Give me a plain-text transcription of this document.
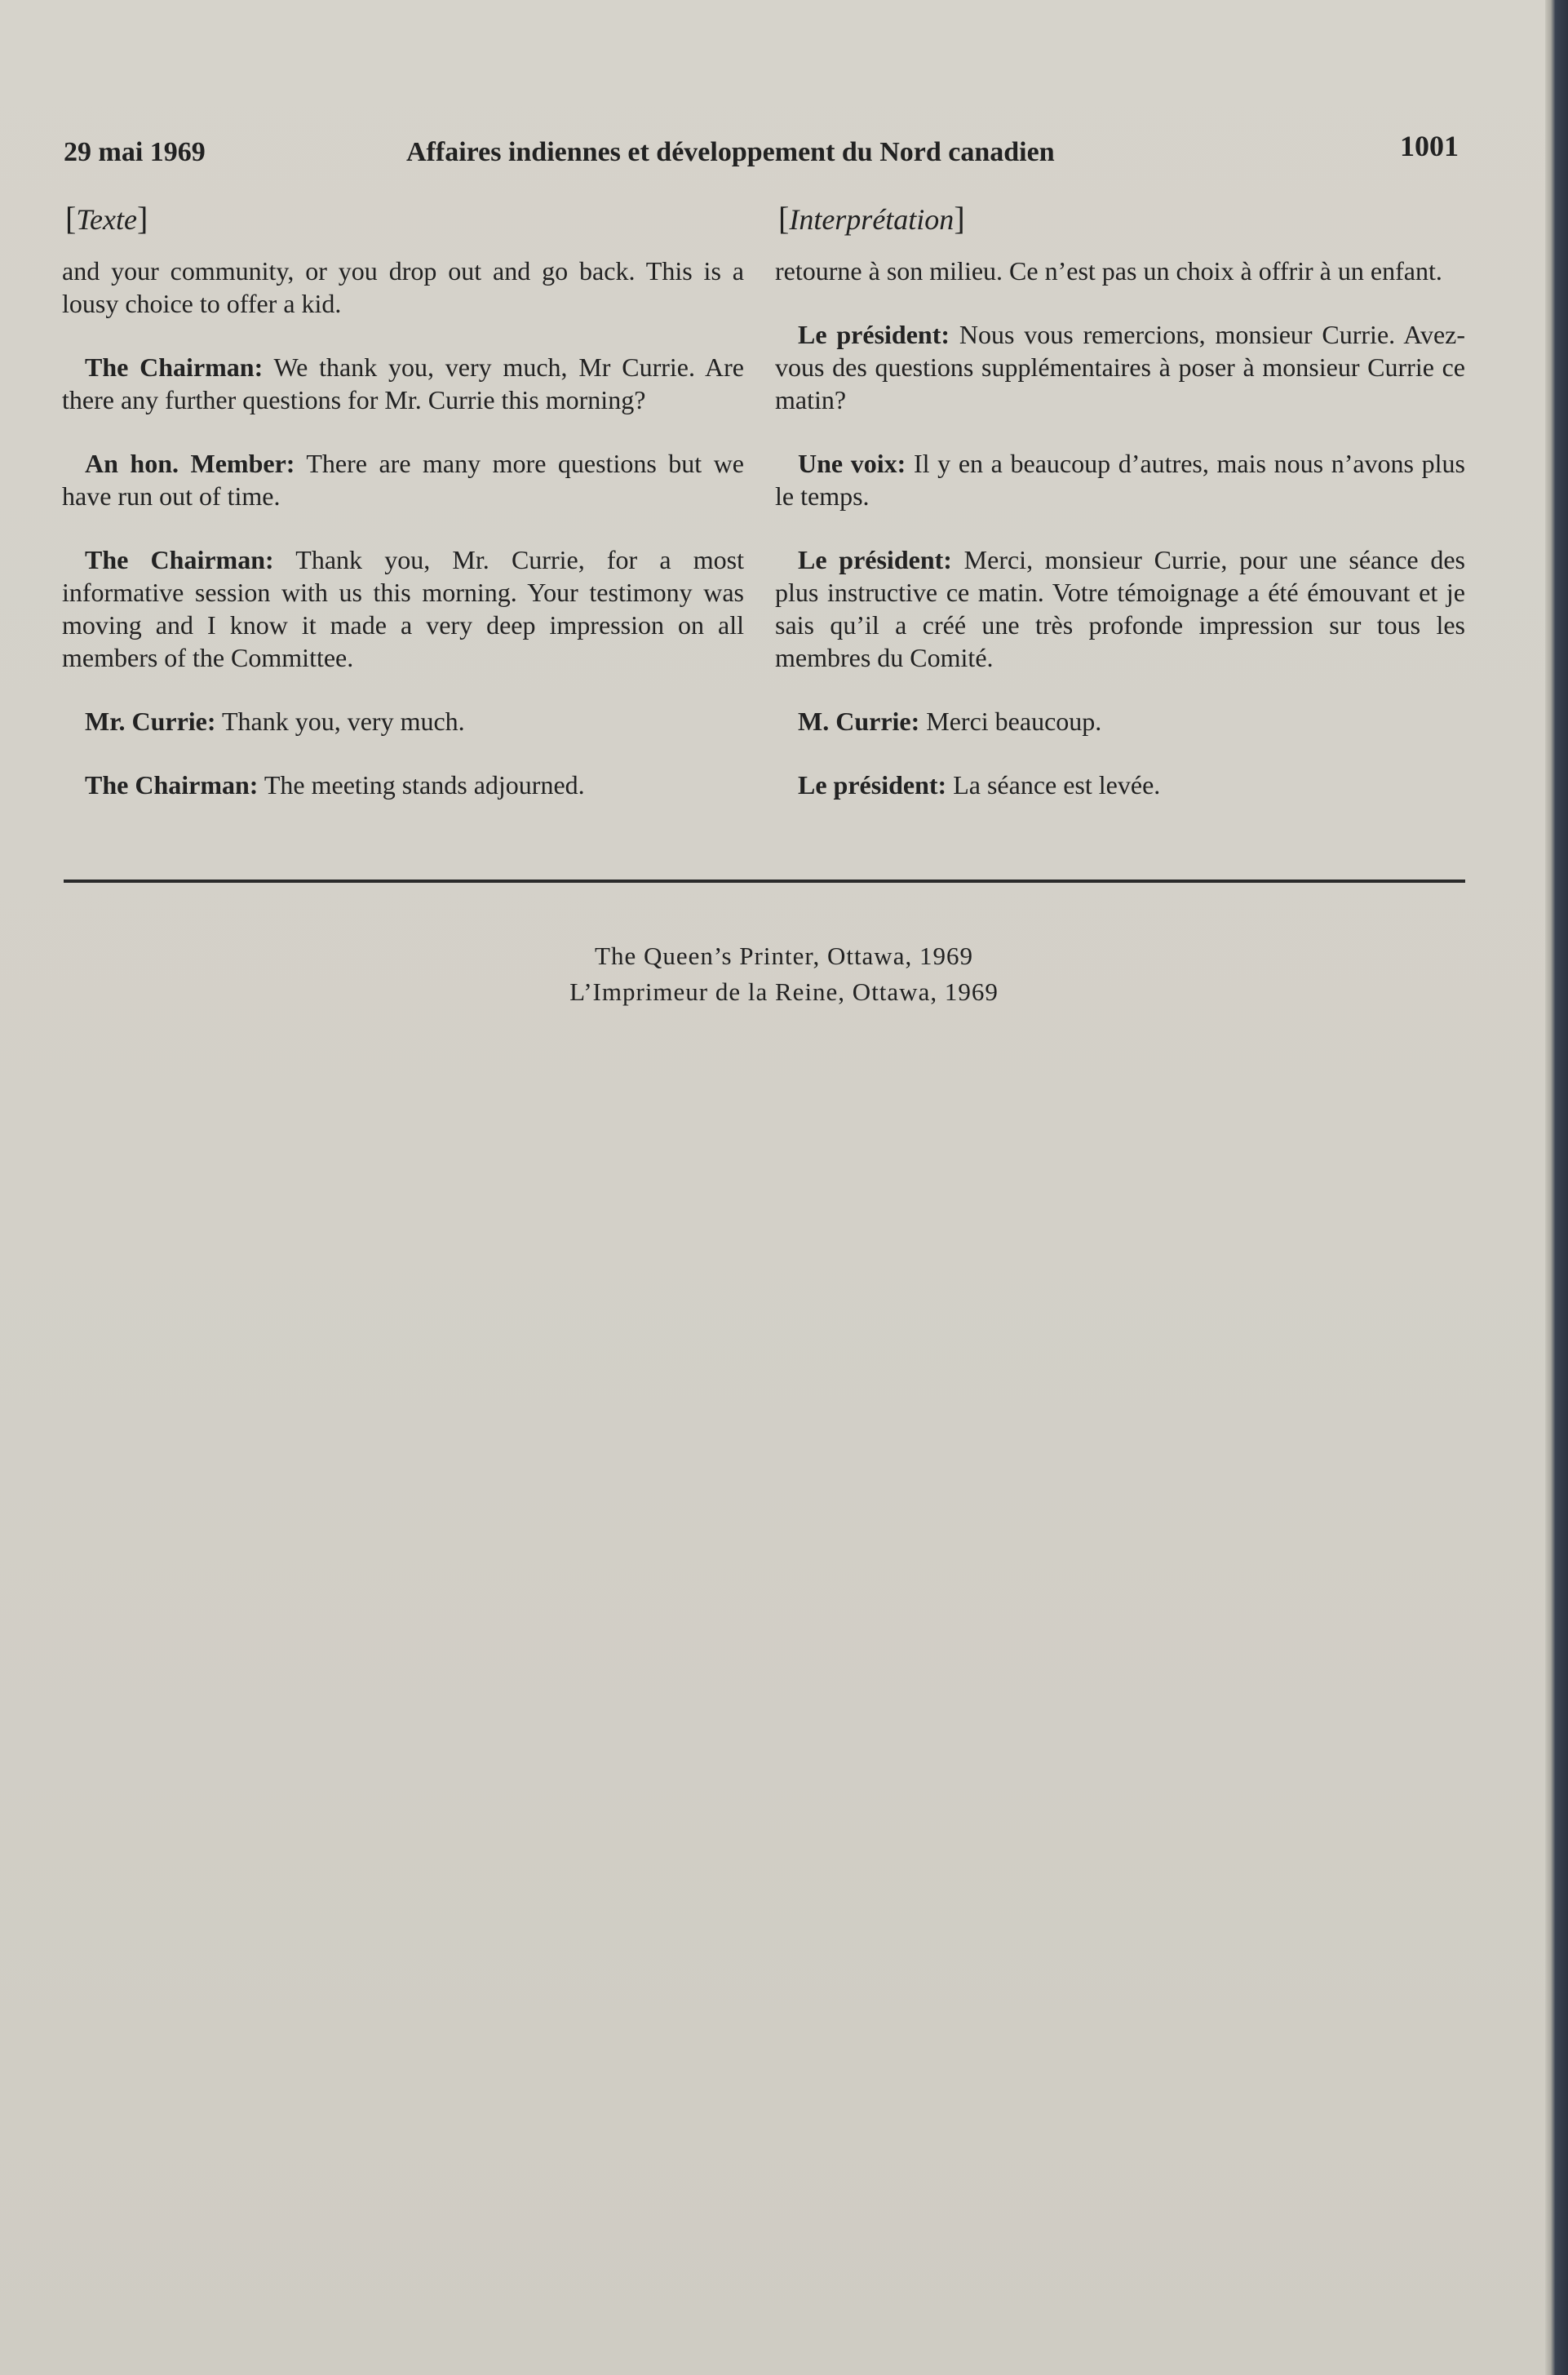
29 mai 1969	Affaires indiennes et développement du Nord canadien	1001
[Texte]

and your community, or you drop out and go back. This is a lousy choice to offer a kid.

The Chairman: We thank you, very much, Mr Currie. Are there any further questions for Mr. Currie this morning?

An hon. Member: There are many more questions but we have run out of time.

The Chairman: Thank you, Mr. Currie, for a most informative session with us this morning. Your testimony was moving and I know it made a very deep impression on all members of the Committee.

Mr. Currie: Thank you, very much.

The Chairman: The meeting stands adjourned.

[Interprétation]

retourne à son milieu. Ce n’est pas un choix à offrir à un enfant.

Le président: Nous vous remercions, monsieur Currie. Avez-vous des questions supplémentaires à poser à monsieur Currie ce matin?

Une voix: Il y en a beaucoup d’autres, mais nous n’avons plus le temps.

Le président: Merci, monsieur Currie, pour une séance des plus instructive ce matin. Votre témoignage a été émouvant et je sais qu’il a créé une très profonde impression sur tous les membres du Comité.

M. Currie: Merci beaucoup.

Le président: La séance est levée.

The Queen’s Printer, Ottawa, 1969
L’Imprimeur de la Reine, Ottawa, 1969
